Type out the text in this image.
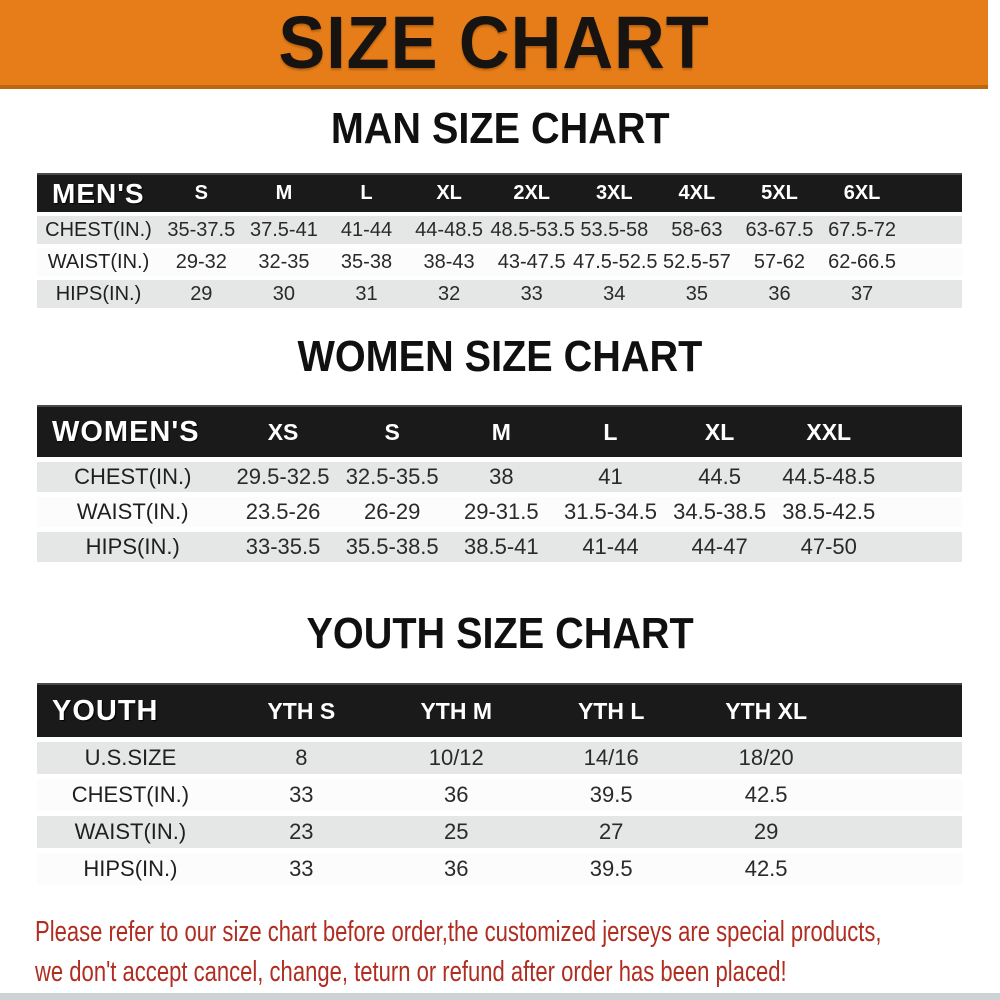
SIZE CHART
MAN SIZE CHART
MEN'S	S	M	L	XL	2XL	3XL	4XL	5XL	6XL
CHEST(IN.) 35-37.5 37.5-41	41-44	44-48.5 48.5-53.5 53.5-58	58-63	63-67.5 67.5-72
WAIST(IN.)	29-32	32-35	35-38	38-43	43-47.5 47.5-52.5 52.5-57	57-62	62-66.5
HIPS(IN.)	29	30	31	32	33	34	35	36	37
WOMEN SIZE CHART
WOMEN'S	XS	S	M	L	XL	XXL
CHEST(IN.)	29.5-32.5 32.5-35.5	38	41	44.5	44.5-48.5
WAIST(IN.)	23.5-26	26-29	29-31.5	31.5-34.5 34.5-38.5 38.5-42.5
HIPS(IN.)	33-35.5	35.5-38.5	38.5-41	41-44	44-47	47-50
YOUTH SIZE CHART
YOUTH	YTH S	YTH M	YTH L	YTH XL
U.S.SIZE	8	10/12	14/16	18/20
CHEST(IN.)	33	36	39.5	42.5
WAIST(IN.)	23	25	27	29
HIPS(IN.)	33	36	39.5	42.5
Please refer to our size chart before order,the customized jerseys are special products,
we don't accept cancel, change, teturn or refund after order has been placed!
